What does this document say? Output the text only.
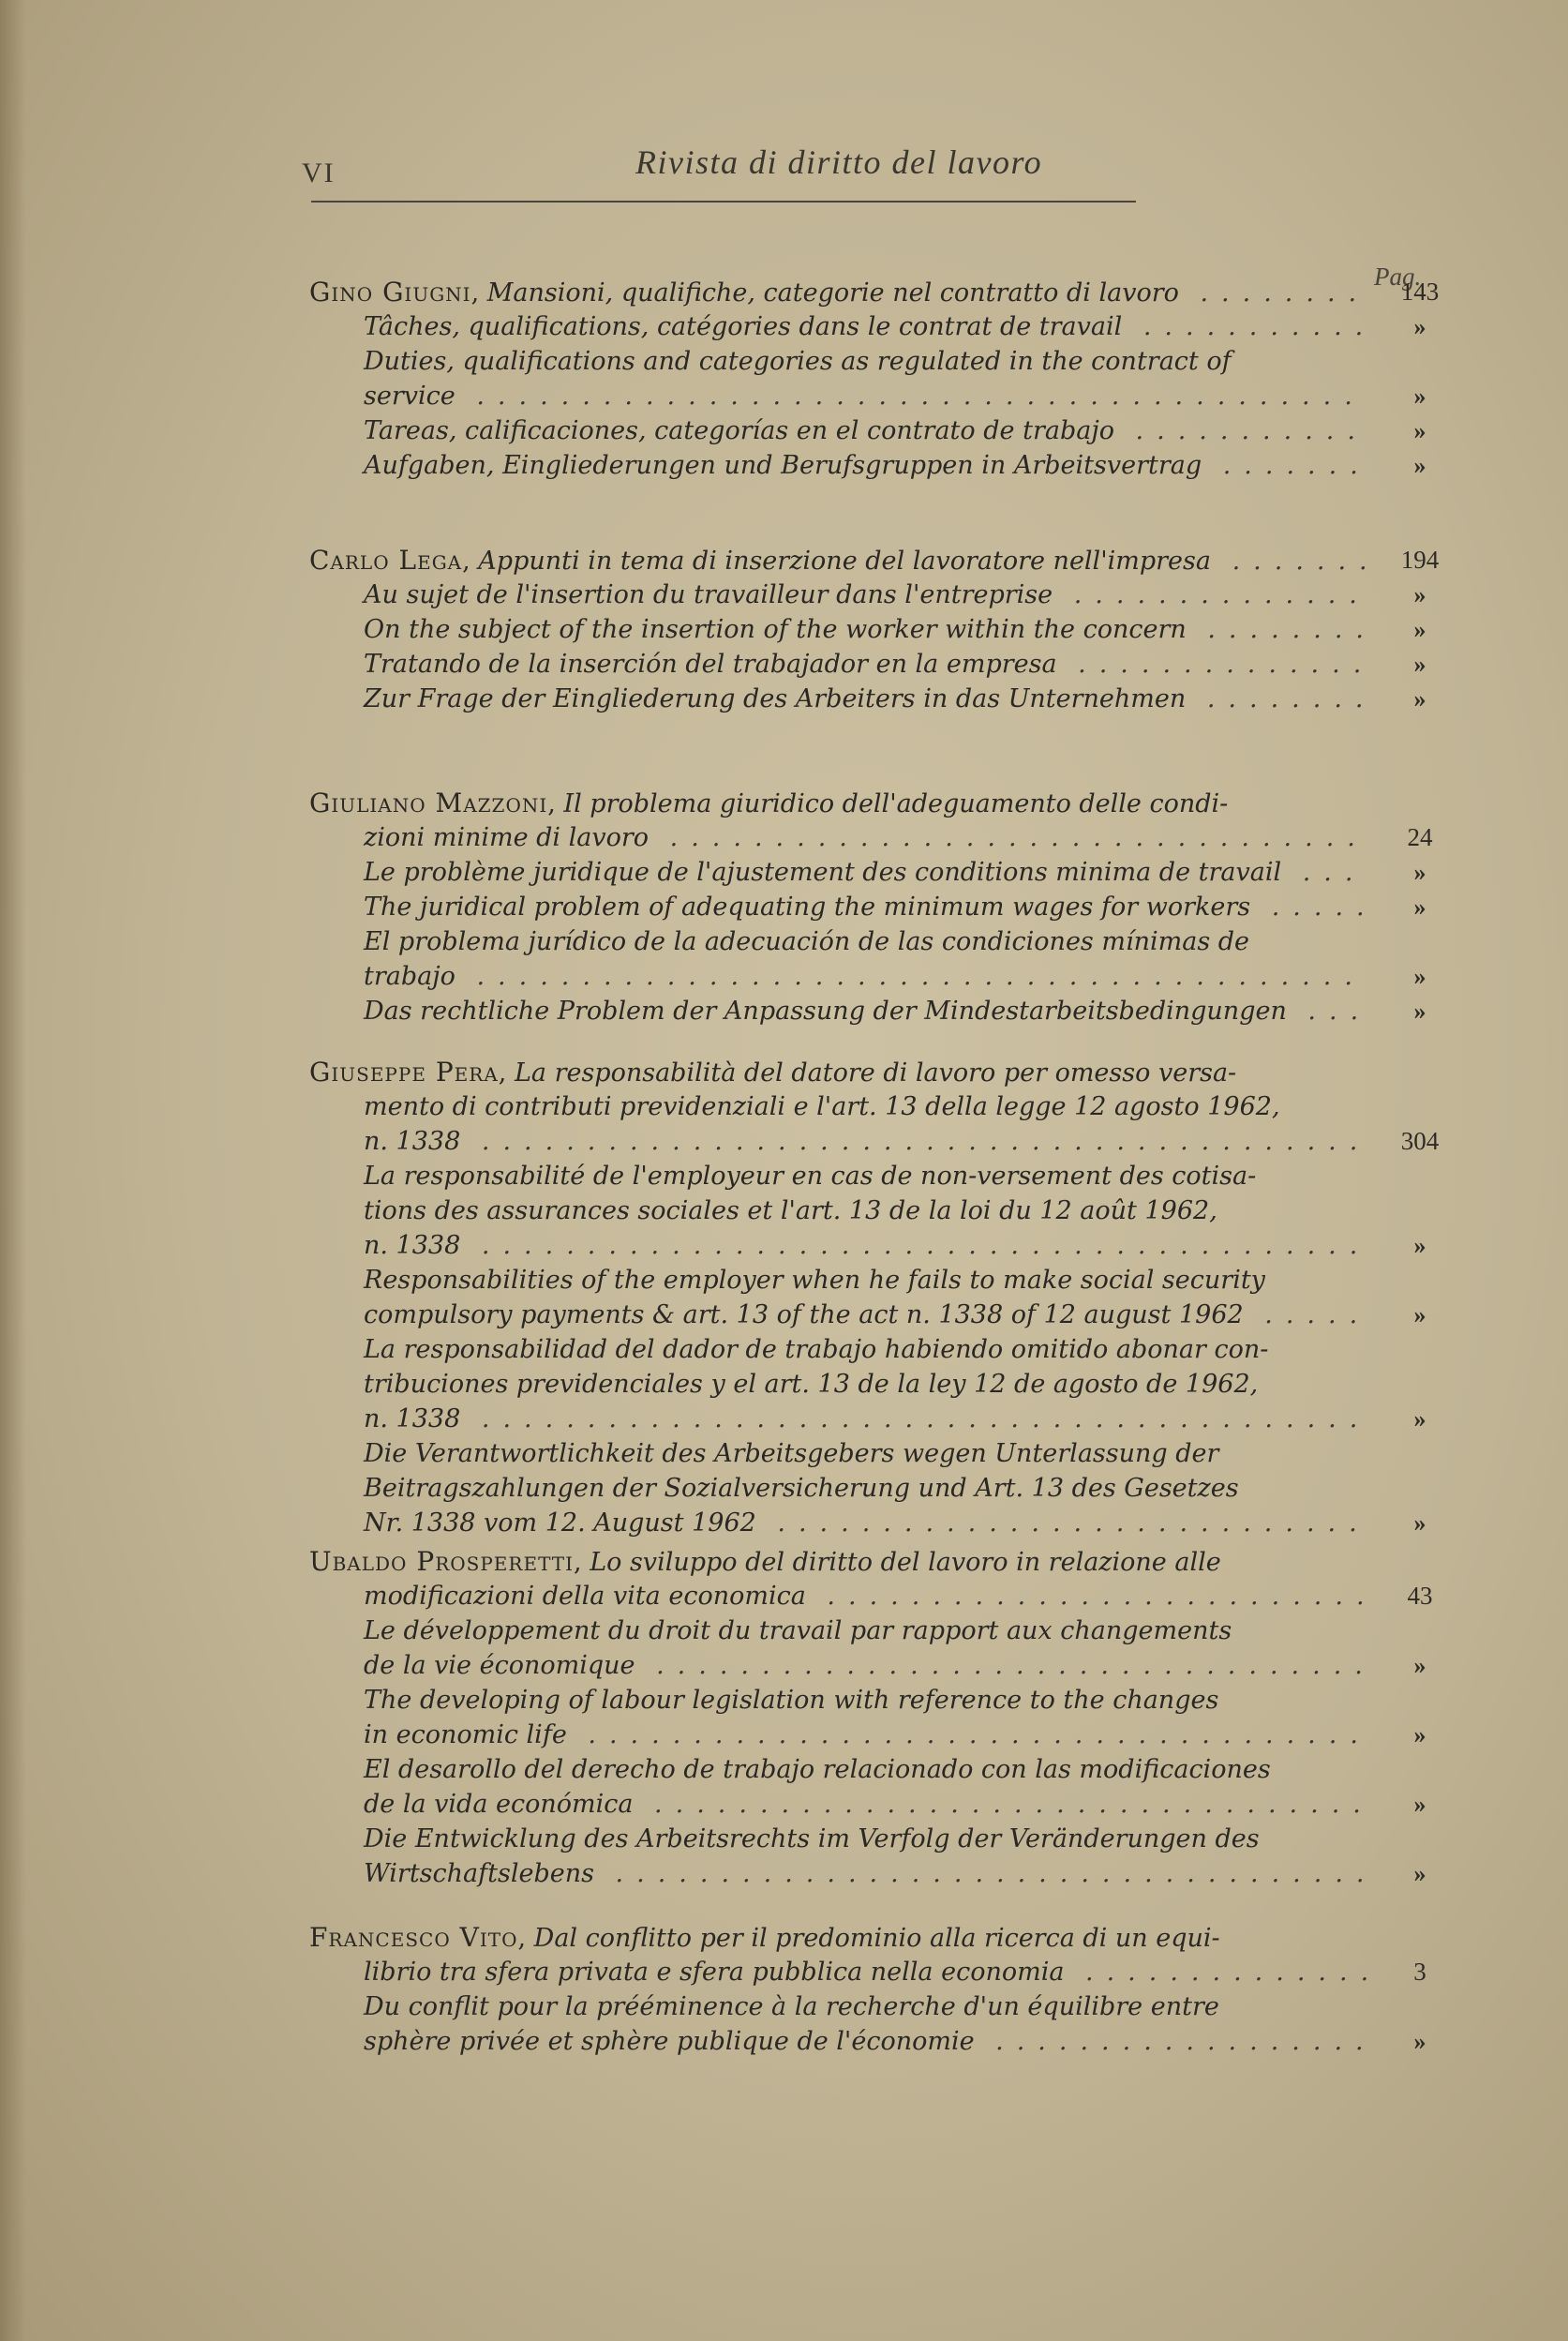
VI	Rivista di diritto del lavoro
Pag.
Gino Giugni, Mansioni, qualifiche, categorie nel contratto di lavoro ........	143
Tâches, qualifications, catégories dans le contrat de travail ...........	»
Duties, qualifications and categories as regulated in the contract of
service ..........................................	»
Tareas, calificaciones, categorías en el contrato de trabajo ...........	»
Aufgaben, Eingliederungen und Berufsgruppen in Arbeitsvertrag .......	»
Carlo Lega, Appunti in tema di inserzione del lavoratore nell'impresa ....... 194
Au sujet de l'insertion du travailleur dans l'entreprise ..............	»
On the subject of the insertion of the worker within the concern ........	»
Tratando de la inserción del trabajador en la empresa ..............	»
Zur Frage der Eingliederung des Arbeiters in das Unternehmen ........	»
Giuliano Mazzoni, Il problema giuridico dell'adeguamento delle condi-
zioni minime di lavoro .................................	24
Le problème juridique de l'ajustement des conditions minima de travail ...	»
The juridical problem of adequating the minimum wages for workers .....	»
El problema jurídico de la adecuación de las condiciones mínimas de
trabajo ..........................................	»
Das rechtliche Problem der Anpassung der Mindestarbeitsbedingungen ...	»
Giuseppe Pera, La responsabilità del datore di lavoro per omesso versa-
mento di contributi previdenziali e l'art. 13 della legge 12 agosto 1962,
n. 1338 ..........................................	304
La responsabilité de l'employeur en cas de non-versement des cotisa-
tions des assurances sociales et l'art. 13 de la loi du 12 août 1962,
n. 1338 ..........................................	»
Responsabilities of the employer when he fails to make social security
compulsory payments & art. 13 of the act n. 1338 of 12 august 1962 .....	»
La responsabilidad del dador de trabajo habiendo omitido abonar con-
tribuciones previdenciales y el art. 13 de la ley 12 de agosto de 1962,
n. 1338 ..........................................	»
Die Verantwortlichkeit des Arbeitsgebers wegen Unterlassung der
Beitragszahlungen der Sozialversicherung und Art. 13 des Gesetzes
Nr. 1338 vom 12. August 1962 ............................	»
Ubaldo Prosperetti, Lo sviluppo del diritto del lavoro in relazione alle
modificazioni della vita economica ..........................	43
Le développement du droit du travail par rapport aux changements
de la vie économique ..................................	»
The developing of labour legislation with reference to the changes
in economic life .....................................	»
El desarollo del derecho de trabajo relacionado con las modificaciones
de la vida económica ..................................	»
Die Entwicklung des Arbeitsrechts im Verfolg der Veränderungen des
Wirtschaftslebens ....................................	»
Francesco Vito, Dal conflitto per il predominio alla ricerca di un equi-
librio tra sfera privata e sfera pubblica nella economia ..............	3
Du conflit pour la prééminence à la recherche d'un équilibre entre
sphère privée et sphère publique de l'économie ..................	»
